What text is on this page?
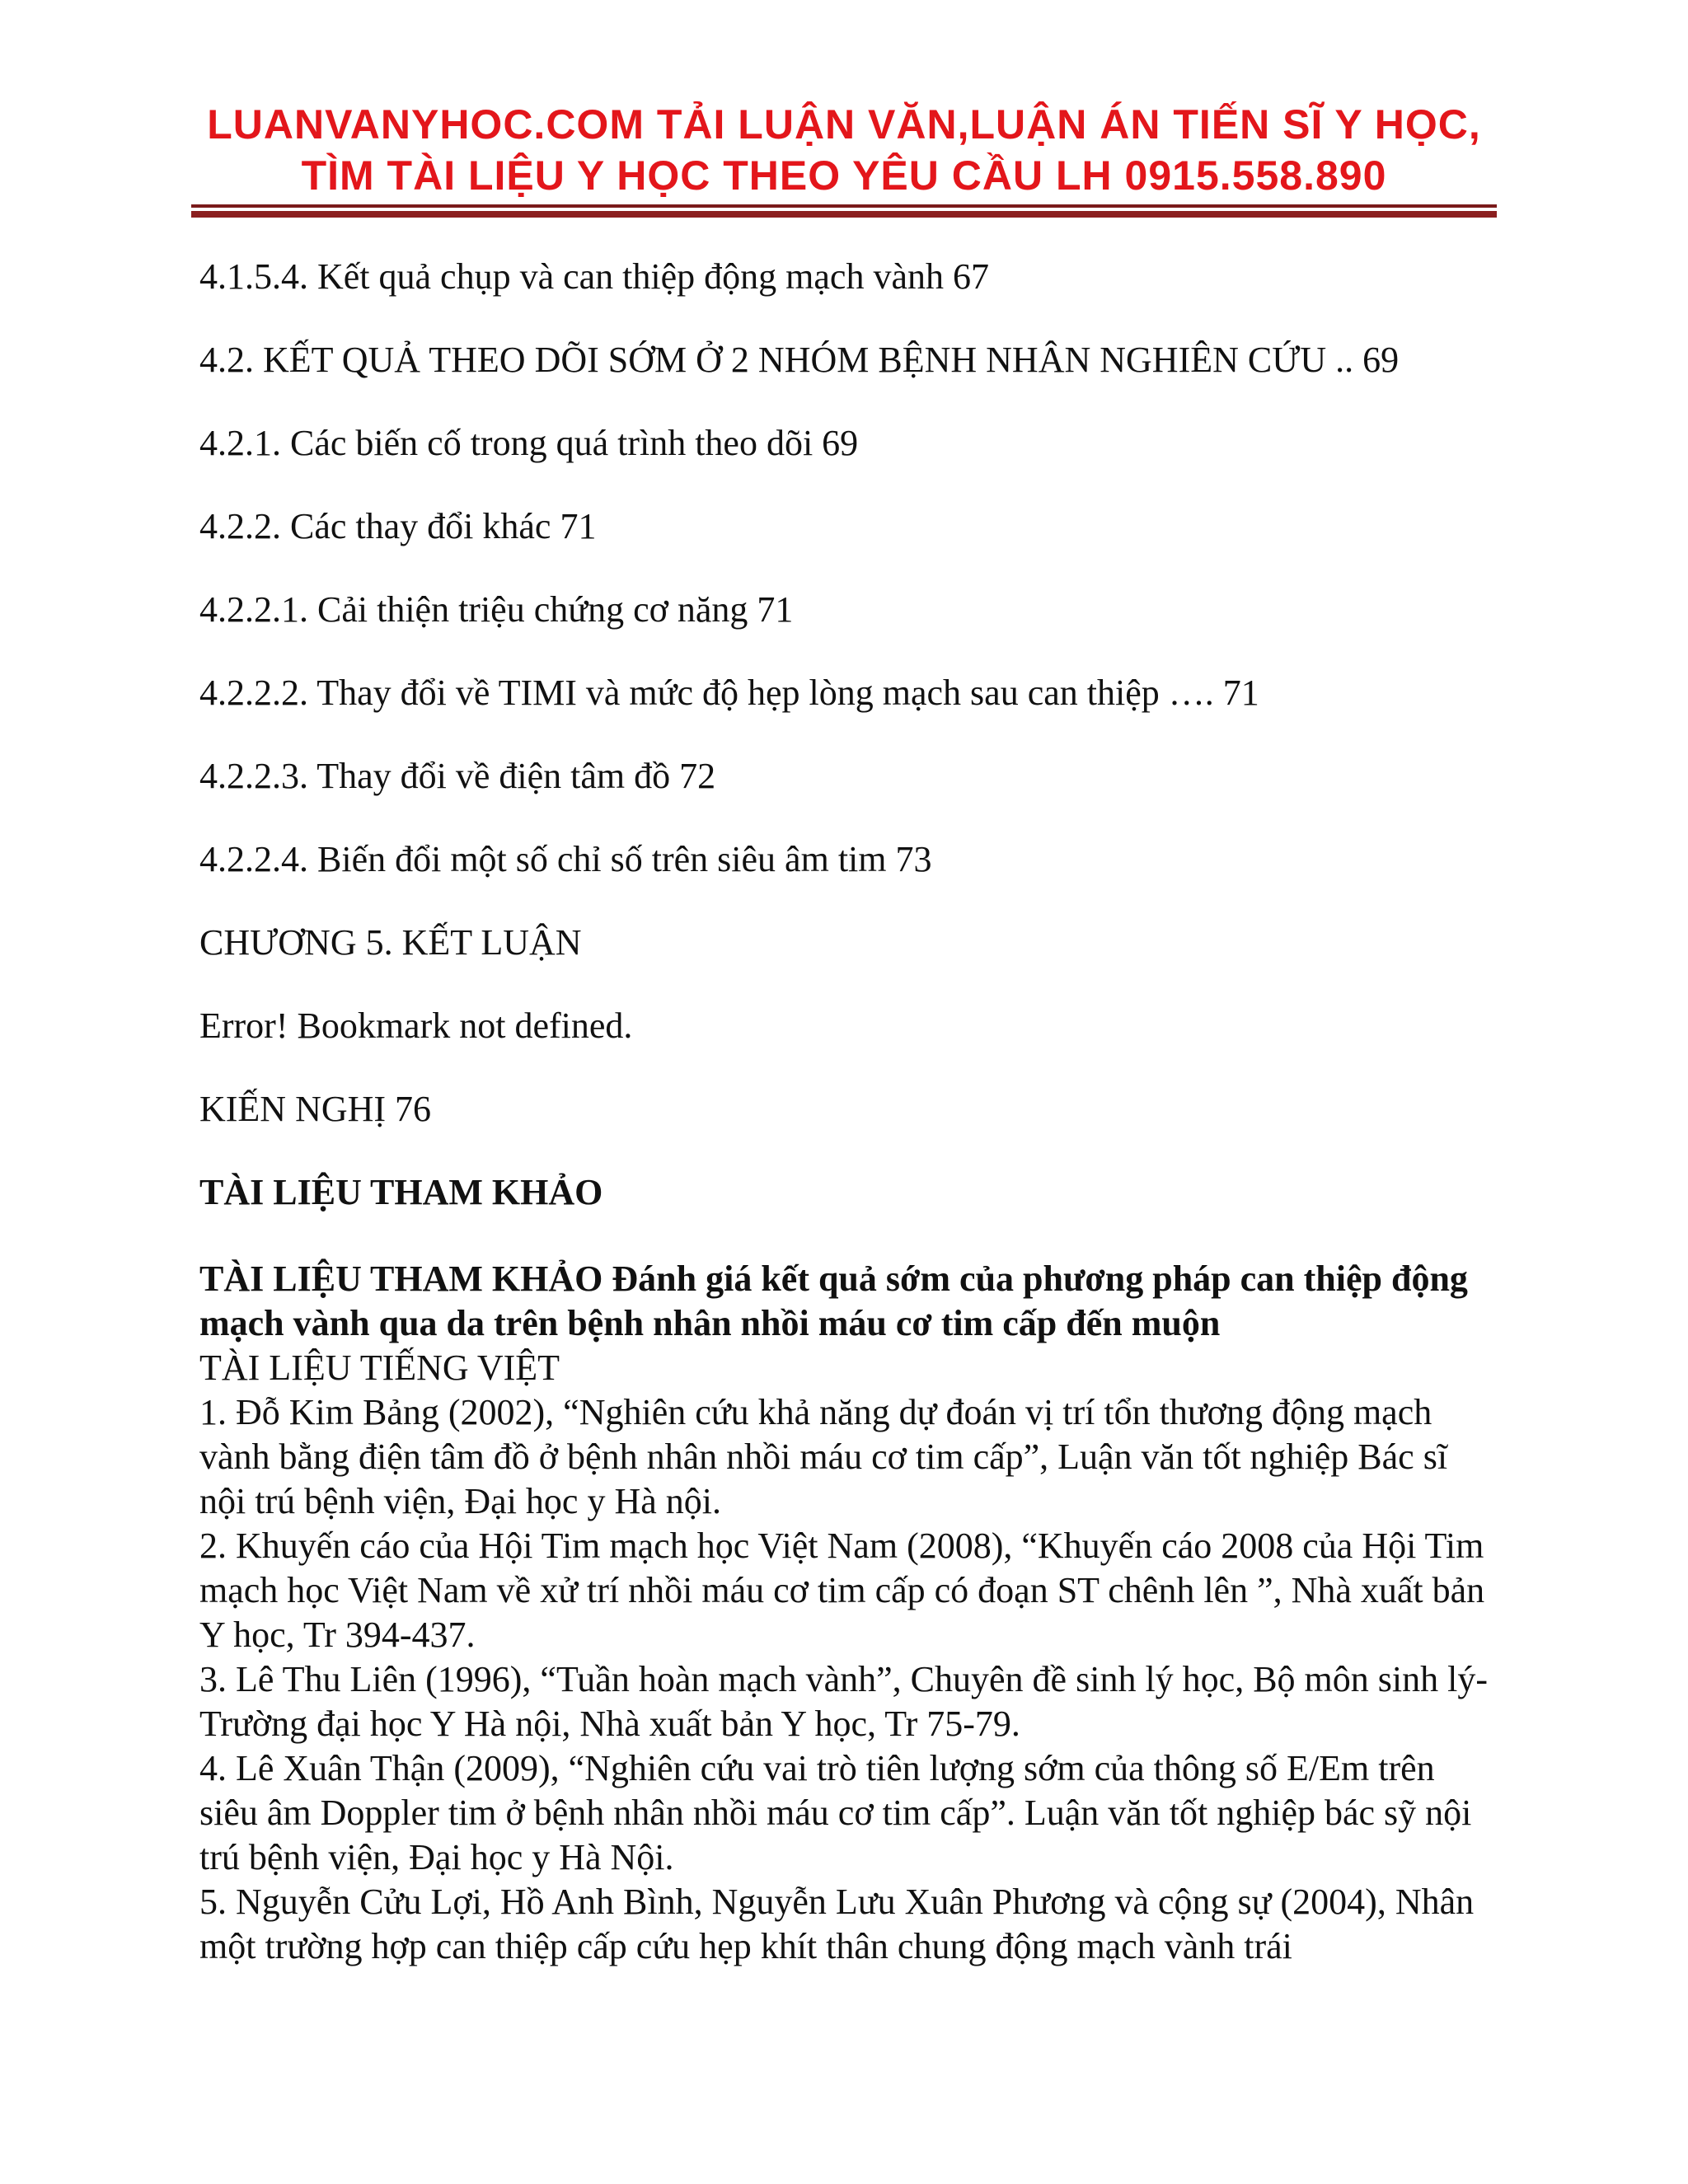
LUANVANYHOC.COM TẢI LUẬN VĂN,LUẬN ÁN TIẾN SĨ Y HỌC,
TÌM TÀI LIỆU Y HỌC THEO YÊU CẦU LH 0915.558.890
4.1.5.4. Kết quả chụp và can thiệp động mạch vành 67
4.2. KẾT QUẢ THEO DÕI SỚM Ở 2 NHÓM BỆNH NHÂN NGHIÊN CỨU .. 69
4.2.1. Các biến cố trong quá trình theo dõi 69
4.2.2. Các thay đổi khác 71
4.2.2.1. Cải thiện triệu chứng cơ năng 71
4.2.2.2. Thay đổi về TIMI và mức độ hẹp lòng mạch sau can thiệp …. 71
4.2.2.3. Thay đổi về điện tâm đồ 72
4.2.2.4. Biến đổi một số chỉ số trên siêu âm tim 73
CHƯƠNG 5. KẾT LUẬN
Error! Bookmark not defined.
KIẾN NGHỊ 76
TÀI LIỆU THAM KHẢO

TÀI LIỆU THAM KHẢO Đánh giá kết quả sớm của phương pháp can thiệp động mạch vành qua da trên bệnh nhân nhồi máu cơ tim cấp đến muộn

TÀI LIỆU TIẾNG VIỆT

1. Đỗ Kim Bảng (2002), “Nghiên cứu khả năng dự đoán vị trí tổn thương động mạch vành bằng điện tâm đồ ở bệnh nhân nhồi máu cơ tim cấp”, Luận văn tốt nghiệp Bác sĩ nội trú bệnh viện, Đại học y Hà nội.

2. Khuyến cáo của Hội Tim mạch học Việt Nam (2008), “Khuyến cáo 2008 của Hội Tim mạch học Việt Nam về xử trí nhồi máu cơ tim cấp có đoạn ST chênh lên ”, Nhà xuất bản Y học, Tr 394-437.

3. Lê Thu Liên (1996), “Tuần hoàn mạch vành”, Chuyên đề sinh lý học, Bộ môn sinh lý-Trường đại học Y Hà nội, Nhà xuất bản Y học, Tr 75-79.

4. Lê Xuân Thận (2009), “Nghiên cứu vai trò tiên lượng sớm của thông số E/Em trên siêu âm Doppler tim ở bệnh nhân nhồi máu cơ tim cấp”. Luận văn tốt nghiệp bác sỹ nội trú bệnh viện, Đại học y Hà Nội.

5. Nguyễn Cửu Lợi, Hồ Anh Bình, Nguyễn Lưu Xuân Phương và cộng sự (2004), Nhân một trường hợp can thiệp cấp cứu hẹp khít thân chung động mạch vành trái
